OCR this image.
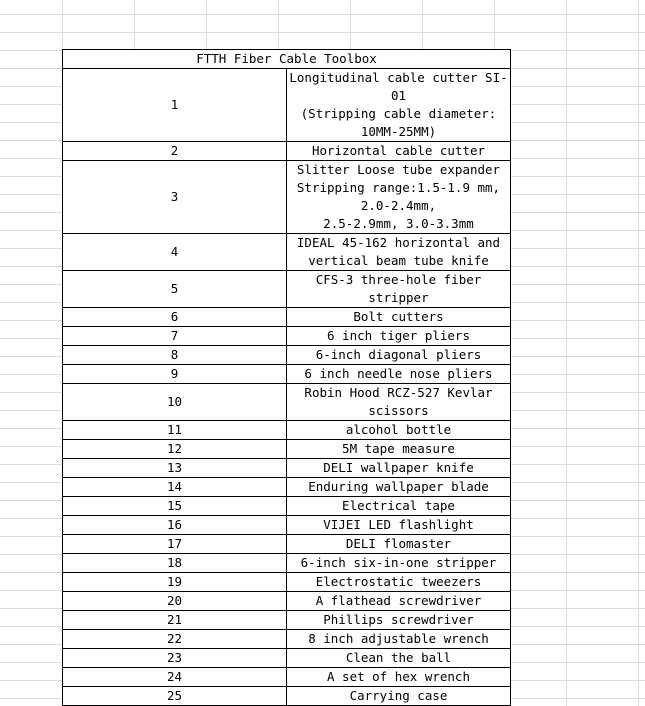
FTTH Fiber Cable Toolbox	
1	Longitudinal cable cutter SI-01
(Stripping cable diameter: 10MM-25MM)
2	Horizontal cable cutter
3	Slitter Loose tube expander
Stripping range:1.5-1.9 mm, 2.0-2.4mm,
2.5-2.9mm, 3.0-3.3mm
4	IDEAL 45-162 horizontal and
vertical beam tube knife
5	CFS-3 three-hole fiber stripper
6	Bolt cutters
7	6 inch tiger pliers
8	6-inch diagonal pliers
9	6 inch needle nose pliers
10	Robin Hood RCZ-527 Kevlar scissors
11	alcohol bottle
12	5M tape measure
13	DELI wallpaper knife
14	Enduring wallpaper blade
15	Electrical tape
16	VIJEI LED flashlight
17	DELI flomaster
18	6-inch six-in-one stripper
19	Electrostatic tweezers
20	A flathead screwdriver
21	Phillips screwdriver
22	8 inch adjustable wrench
23	Clean the ball
24	A set of hex wrench
25	Carrying case
